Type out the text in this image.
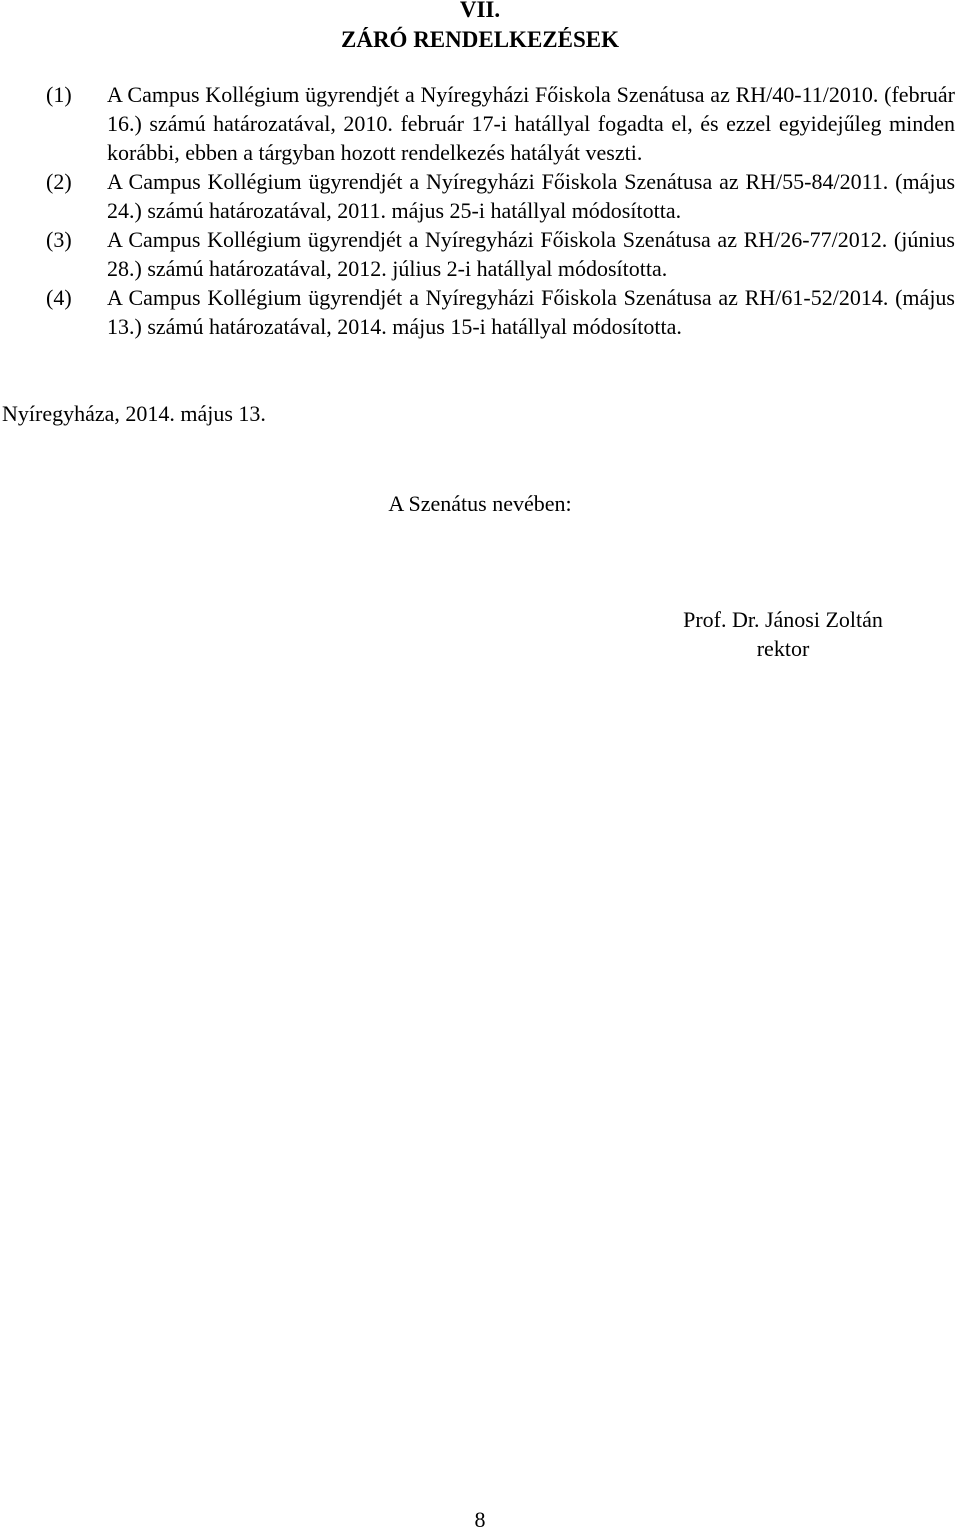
VII.
ZÁRÓ RENDELKEZÉSEK
(1) A Campus Kollégium ügyrendjét a Nyíregyházi Főiskola Szenátusa az RH/40-11/2010. (február 16.) számú határozatával, 2010. február 17-i hatállyal fogadta el, és ezzel egyidejűleg minden korábbi, ebben a tárgyban hozott rendelkezés hatályát veszti.
(2) A Campus Kollégium ügyrendjét a Nyíregyházi Főiskola Szenátusa az RH/55-84/2011. (május 24.) számú határozatával, 2011. május 25-i hatállyal módosította.
(3) A Campus Kollégium ügyrendjét a Nyíregyházi Főiskola Szenátusa az RH/26-77/2012. (június 28.) számú határozatával, 2012. július 2-i hatállyal módosította.
(4) A Campus Kollégium ügyrendjét a Nyíregyházi Főiskola Szenátusa az RH/61-52/2014. (május 13.) számú határozatával, 2014. május 15-i hatállyal módosította.
Nyíregyháza, 2014. május 13.
A Szenátus nevében:
Prof. Dr. Jánosi Zoltán
rektor
8
